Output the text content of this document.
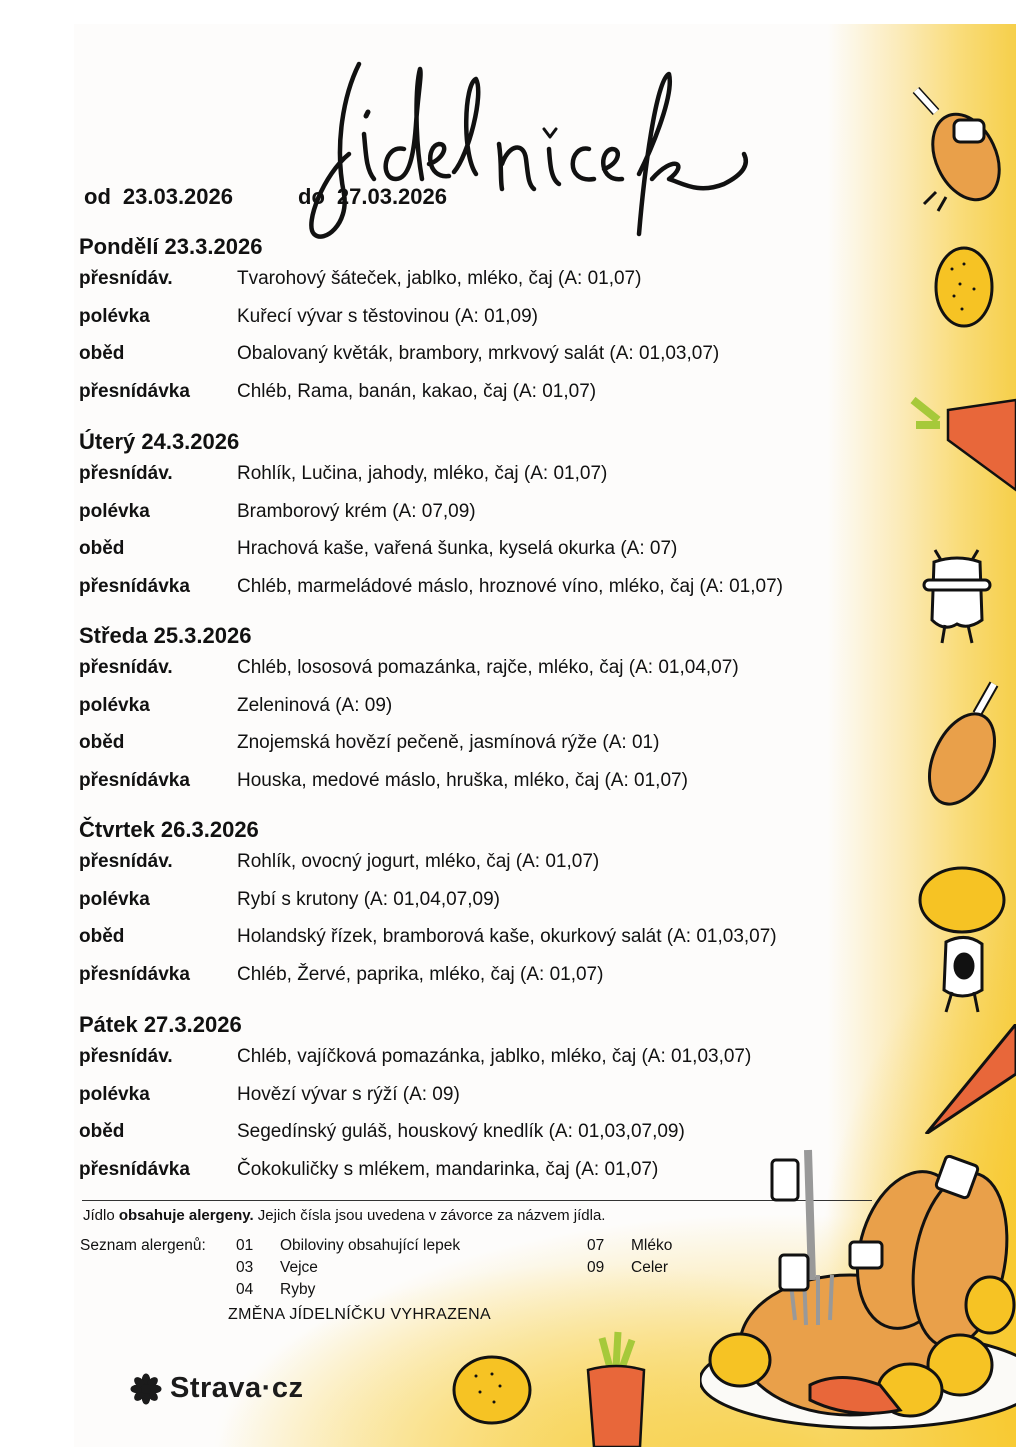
od 23.03.2026	do 27.03.2026
Pondělí 23.3.2026
přesnídáv.	Tvarohový šáteček, jablko, mléko, čaj (A: 01,07)
polévka	Kuřecí vývar s těstovinou (A: 01,09)
oběd	Obalovaný květák, brambory, mrkvový salát (A: 01,03,07)
přesnídávka	Chléb, Rama, banán, kakao, čaj (A: 01,07)
Úterý 24.3.2026
přesnídáv.	Rohlík, Lučina, jahody, mléko, čaj (A: 01,07)
polévka	Bramborový krém (A: 07,09)
oběd	Hrachová kaše, vařená šunka, kyselá okurka (A: 07)
přesnídávka	Chléb, marmeládové máslo, hroznové víno, mléko, čaj (A: 01,07)
Středa 25.3.2026
přesnídáv.	Chléb, lososová pomazánka, rajče, mléko, čaj (A: 01,04,07)
polévka	Zeleninová (A: 09)
oběd	Znojemská hovězí pečeně, jasmínová rýže (A: 01)
přesnídávka	Houska, medové máslo, hruška, mléko, čaj (A: 01,07)
Čtvrtek 26.3.2026
přesnídáv.	Rohlík, ovocný jogurt, mléko, čaj (A: 01,07)
polévka	Rybí s krutony (A: 01,04,07,09)
oběd	Holandský řízek, bramborová kaše, okurkový salát (A: 01,03,07)
přesnídávka	Chléb, Žervé, paprika, mléko, čaj (A: 01,07)
Pátek 27.3.2026
přesnídáv.	Chléb, vajíčková pomazánka, jablko, mléko, čaj (A: 01,03,07)
polévka	Hovězí vývar s rýží (A: 09)
oběd	Segedínský guláš, houskový knedlík (A: 01,03,07,09)
přesnídávka	Čokokuličky s mlékem, mandarinka, čaj (A: 01,07)
Jídlo obsahuje alergeny. Jejich čísla jsou uvedena v závorce za názvem jídla.
Seznam alergenů: 01 Obiloviny obsahující lepek
03 Vejce
04 Ryby
07 Mléko
09 Celer
ZMĚNA JÍDELNÍČKU VYHRAZENA
Strava·cz
